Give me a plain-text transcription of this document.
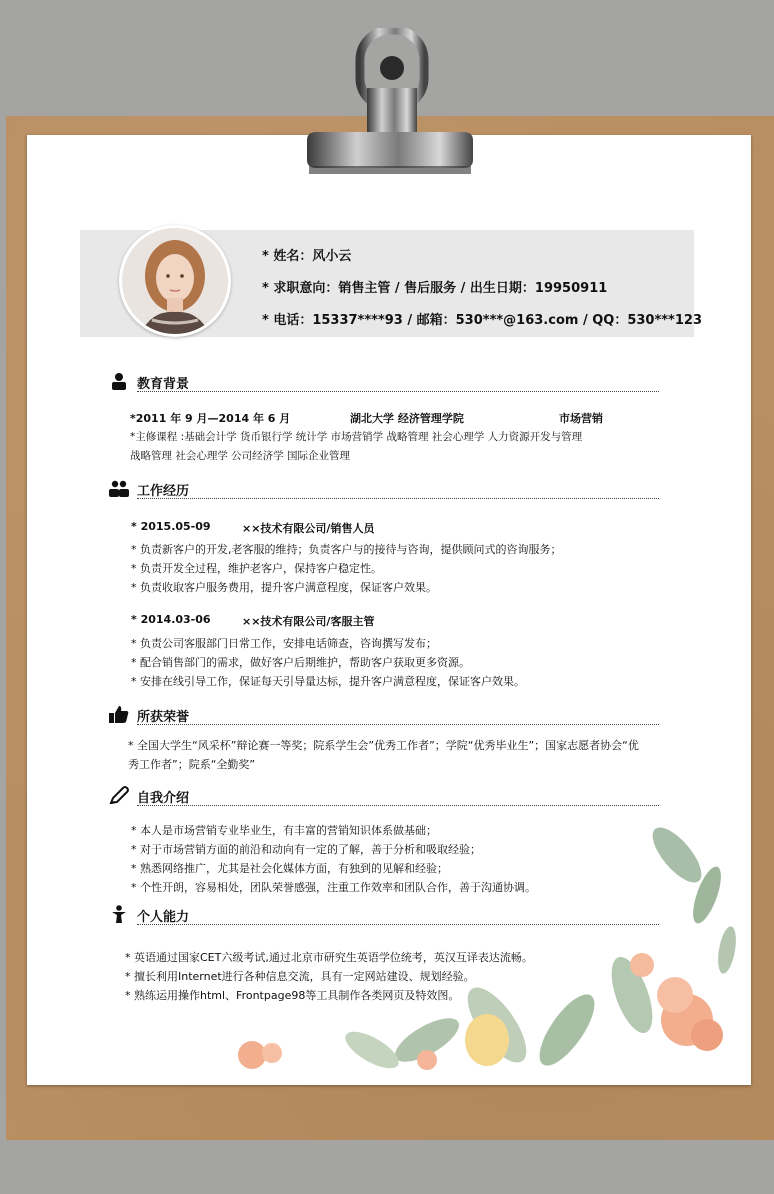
* 姓名：风小云
* 求职意向：销售主管 / 售后服务 / 出生日期：19950911
* 电话：15337****93 / 邮箱：530***@163.com / QQ：530***123
教育背景
*2011 年 9 月—2014 年 6 月	湖北大学 经济管理学院	市场营销
*主修课程 :基础会计学 货币银行学 统计学 市场营销学 战略管理 社会心理学 人力资源开发与管理
战略管理 社会心理学 公司经济学 国际企业管理
工作经历
* 2015.05-09	××技术有限公司/销售人员
* 负责新客户的开发,老客服的维持；负责客户与的接待与咨询，提供顾问式的咨询服务；
* 负责开发全过程，维护老客户，保持客户稳定性。
* 负责收取客户服务费用，提升客户满意程度，保证客户效果。
* 2014.03-06	××技术有限公司/客服主管
* 负责公司客服部门日常工作，安排电话筛查，咨询撰写发布；
* 配合销售部门的需求，做好客户后期维护，帮助客户获取更多资源。
* 安排在线引导工作，保证每天引导量达标，提升客户满意程度，保证客户效果。
所获荣誉
* 全国大学生“风采杯”辩论赛一等奖；院系学生会”优秀工作者”；学院“优秀毕业生”；国家志愿者协会“优
秀工作者”；院系“全勤奖”
自我介绍
* 本人是市场营销专业毕业生，有丰富的营销知识体系做基础；
* 对于市场营销方面的前沿和动向有一定的了解，善于分析和吸取经验；
* 熟悉网络推广，尤其是社会化媒体方面，有独到的见解和经验；
* 个性开朗，容易相处，团队荣誉感强，注重工作效率和团队合作，善于沟通协调。
个人能力
* 英语通过国家CET六级考试,通过北京市研究生英语学位统考，英汉互译表达流畅。
* 擅长利用Internet进行各种信息交流，具有一定网站建设、规划经验。
* 熟练运用操作html、Frontpage98等工具制作各类网页及特效图。
